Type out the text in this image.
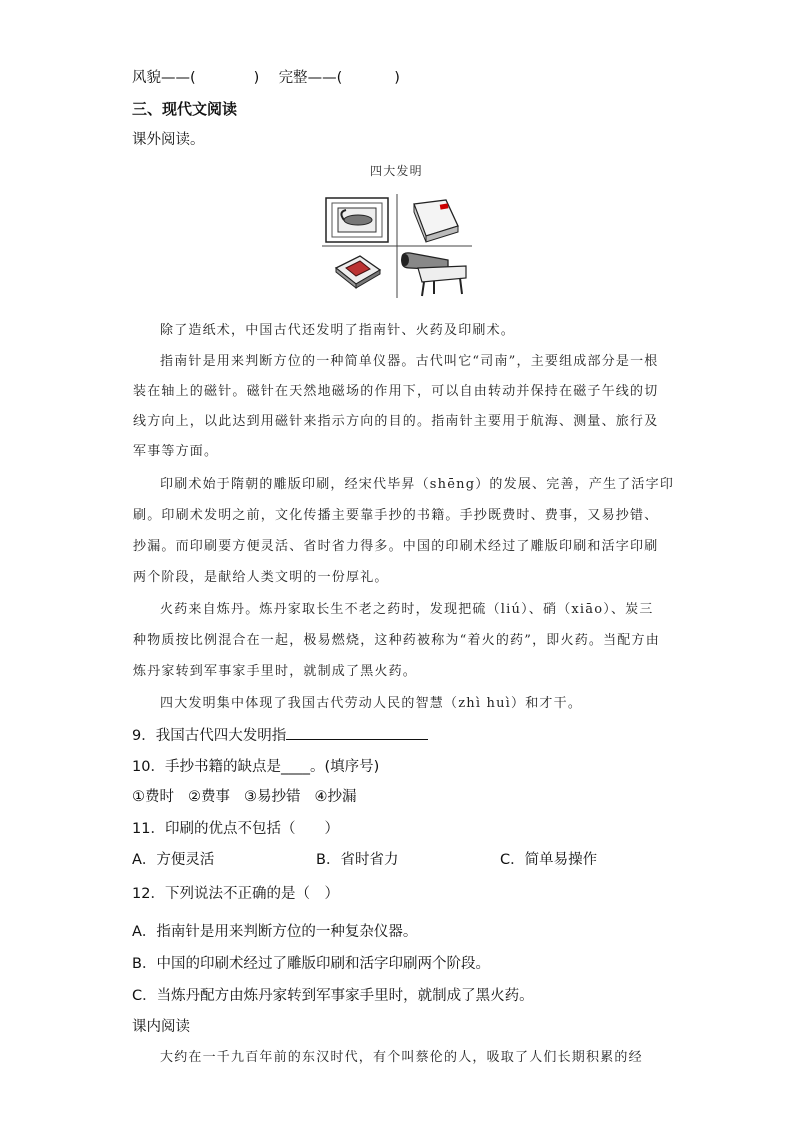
风貌——(	) 完整——(	)
三、现代文阅读
课外阅读。
四大发明
除了造纸术，中国古代还发明了指南针、火药及印刷术。
指南针是用来判断方位的一种简单仪器。古代叫它“司南”，主要组成部分是一根
装在轴上的磁针。磁针在天然地磁场的作用下，可以自由转动并保持在磁子午线的切
线方向上，以此达到用磁针来指示方向的目的。指南针主要用于航海、测量、旅行及
军事等方面。
印刷术始于隋朝的雕版印刷，经宋代毕昇（shēng）的发展、完善，产生了活字印
刷。印刷术发明之前，文化传播主要靠手抄的书籍。手抄既费时、费事，又易抄错、
抄漏。而印刷要方便灵活、省时省力得多。中国的印刷术经过了雕版印刷和活字印刷
两个阶段，是献给人类文明的一份厚礼。
火药来自炼丹。炼丹家取长生不老之药时，发现把硫（liú）、硝（xiāo）、炭三
种物质按比例混合在一起，极易燃烧，这种药被称为“着火的药”，即火药。当配方由
炼丹家转到军事家手里时，就制成了黑火药。
四大发明集中体现了我国古代劳动人民的智慧（zhì huì）和才干。
9．我国古代四大发明指
10．手抄书籍的缺点是____。(填序号)
①费时 ②费事 ③易抄错 ④抄漏
11．印刷的优点不包括（　　）
A．方便灵活	B．省时省力	C．简单易操作
12．下列说法不正确的是（　）
A．指南针是用来判断方位的一种复杂仪器。
B．中国的印刷术经过了雕版印刷和活字印刷两个阶段。
C．当炼丹配方由炼丹家转到军事家手里时，就制成了黑火药。
课内阅读
大约在一千九百年前的东汉时代，有个叫蔡伦的人，吸取了人们长期积累的经
